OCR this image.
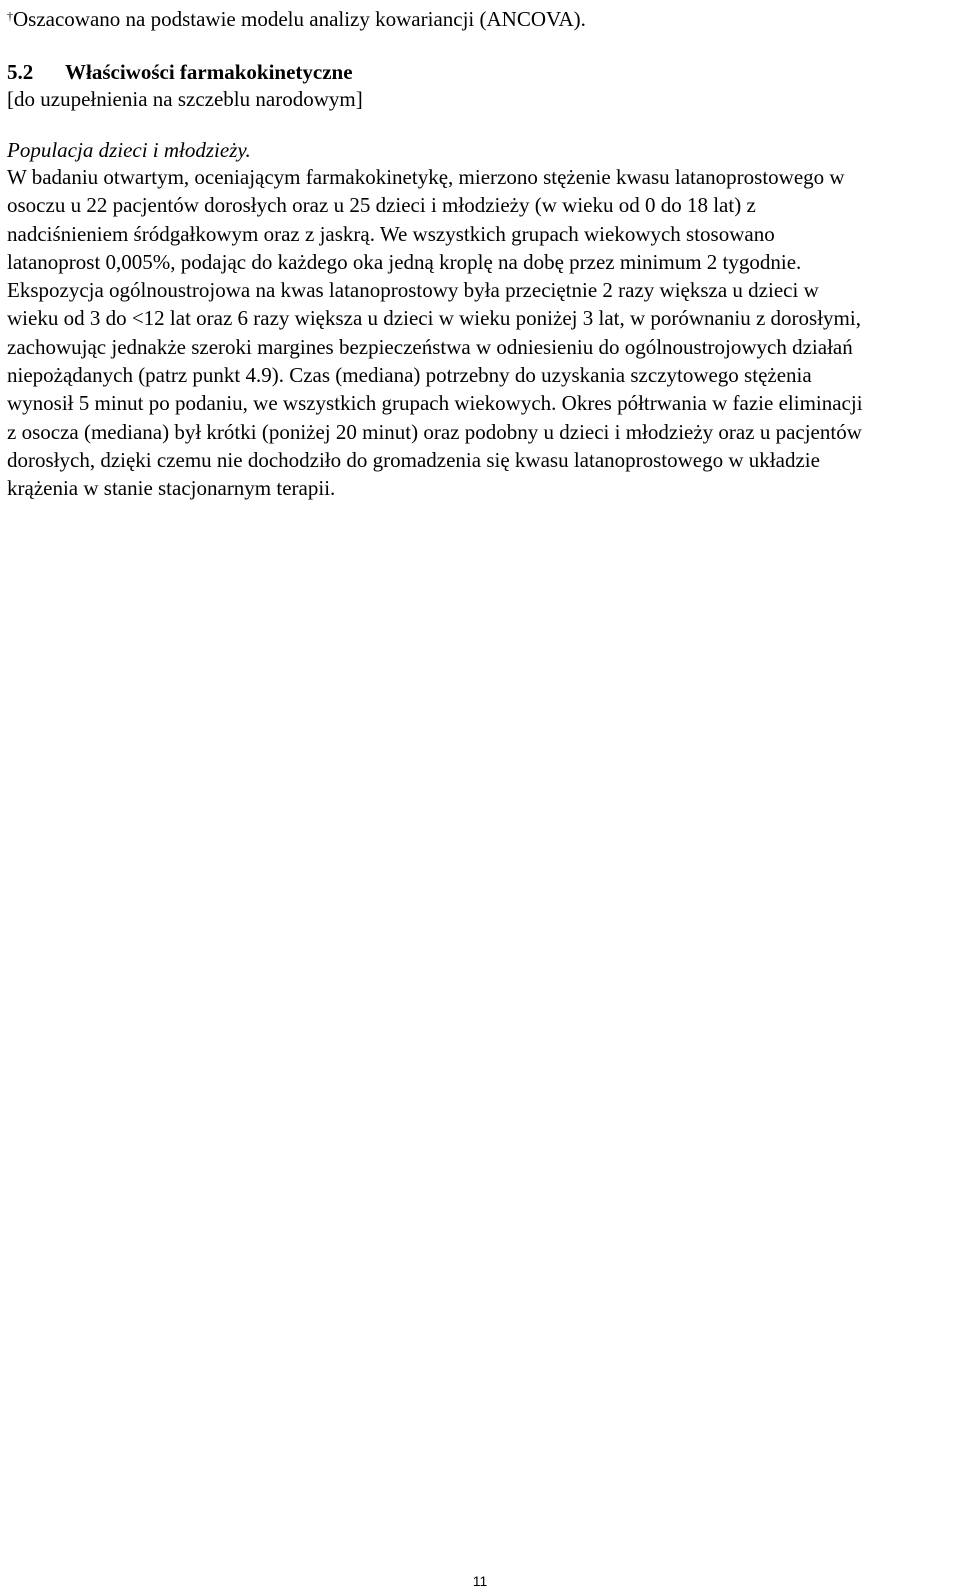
†Oszacowano na podstawie modelu analizy kowariancji (ANCOVA).
5.2 Właściwości farmakokinetyczne
[do uzupełnienia na szczeblu narodowym]
Populacja dzieci i młodzieży.
W badaniu otwartym, oceniającym farmakokinetykę, mierzono stężenie kwasu latanoprostowego w
osoczu u 22 pacjentów dorosłych oraz u 25 dzieci i młodzieży (w wieku od 0 do 18 lat) z
nadciśnieniem śródgałkowym oraz z jaskrą. We wszystkich grupach wiekowych stosowano
latanoprost 0,005%, podając do każdego oka jedną kroplę na dobę przez minimum 2 tygodnie.
Ekspozycja ogólnoustrojowa na kwas latanoprostowy była przeciętnie 2 razy większa u dzieci w
wieku od 3 do <12 lat oraz 6 razy większa u dzieci w wieku poniżej 3 lat, w porównaniu z dorosłymi,
zachowując jednakże szeroki margines bezpieczeństwa w odniesieniu do ogólnoustrojowych działań
niepożądanych (patrz punkt 4.9). Czas (mediana) potrzebny do uzyskania szczytowego stężenia
wynosił 5 minut po podaniu, we wszystkich grupach wiekowych. Okres półtrwania w fazie eliminacji
z osocza (mediana) był krótki (poniżej 20 minut) oraz podobny u dzieci i młodzieży oraz u pacjentów
dorosłych, dzięki czemu nie dochodziło do gromadzenia się kwasu latanoprostowego w układzie
krążenia w stanie stacjonarnym terapii.
11
